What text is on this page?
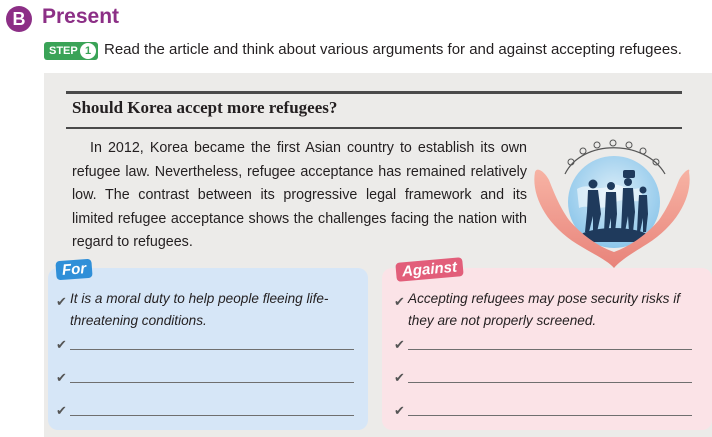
B Present
STEP 1 Read the article and think about various arguments for and against accepting refugees.
Should Korea accept more refugees?

In 2012, Korea became the first Asian country to establish its own refugee law. Nevertheless, refugee acceptance has remained relatively low. The contrast between its progressive legal framework and its limited refugee acceptance shows the challenges facing the nation with regard to refugees.

For
✔ It is a moral duty to help people fleeing life-
threatening conditions.
✔
✔
✔
Against
✔ Accepting refugees may pose security risks if
they are not properly screened.
✔
✔
✔
